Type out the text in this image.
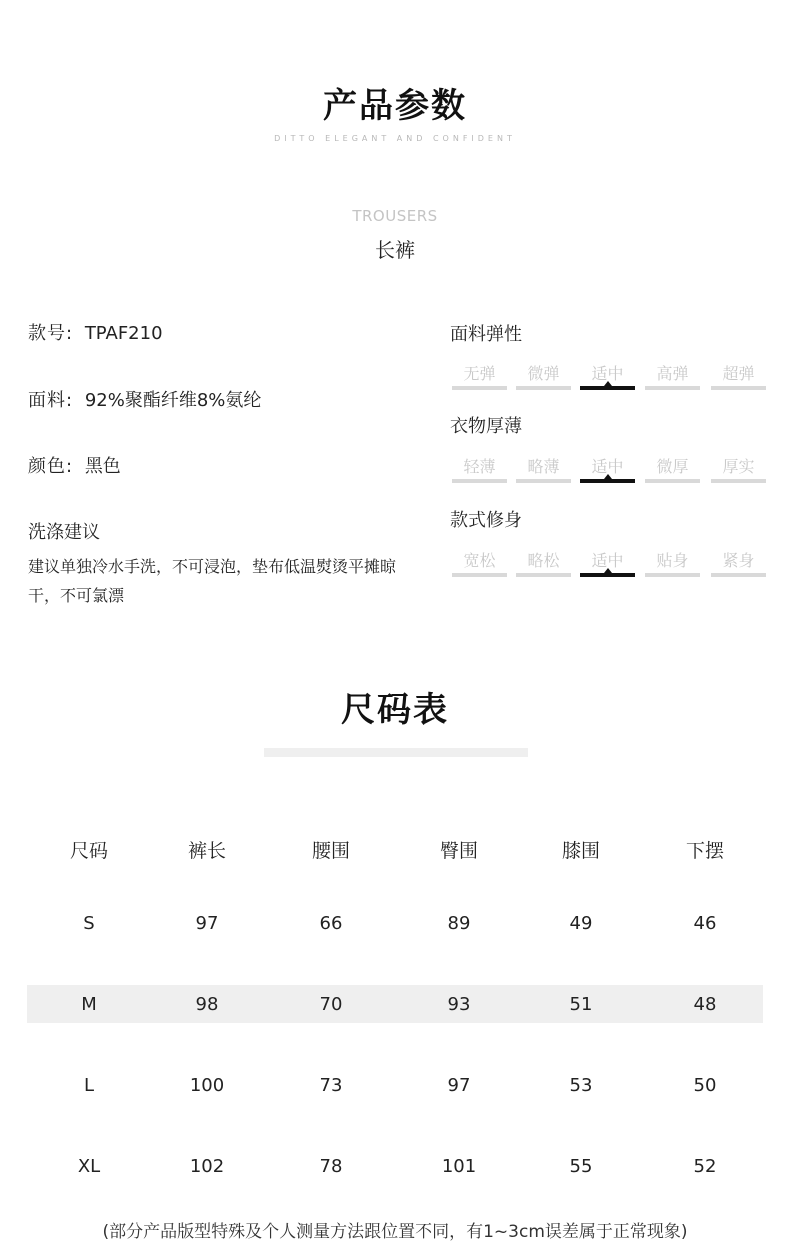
产品参数
DITTO ELEGANT AND CONFIDENT
TROUSERS
长裤
款号: TPAF210
面料: 92%聚酯纤维8%氨纶
颜色: 黑色
洗涤建议
建议单独冷水手洗，不可浸泡，垫布低温熨烫平摊晾干，不可氯漂
面料弹性
无弹	微弹	适中	高弹	超弹
衣物厚薄
轻薄	略薄	适中	微厚	厚实
款式修身
宽松	略松	适中	贴身	紧身
尺码表
尺码	裤长	腰围	臀围	膝围	下摆
S	97	66	89	49	46
M	98	70	93	51	48
L	100	73	97	53	50
XL	102	78	101	55	52
(部分产品版型特殊及个人测量方法跟位置不同，有1~3cm误差属于正常现象)
